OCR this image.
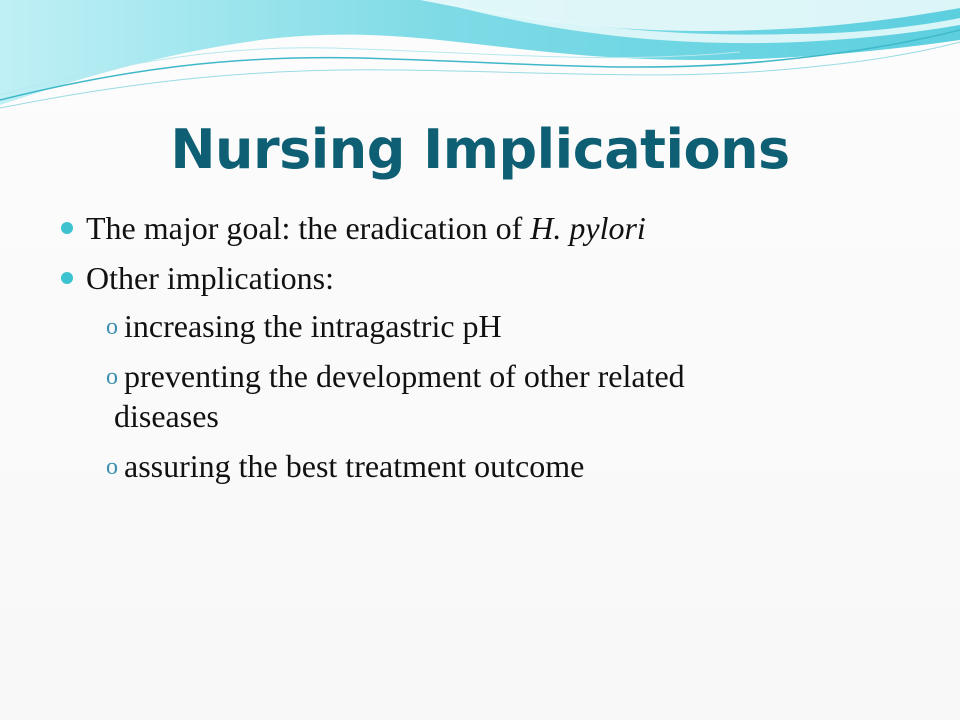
Nursing Implications
The major goal: the eradication of H. pylori
Other implications:
o increasing the intragastric pH
o preventing the development of other related
diseases
o assuring the best treatment outcome
